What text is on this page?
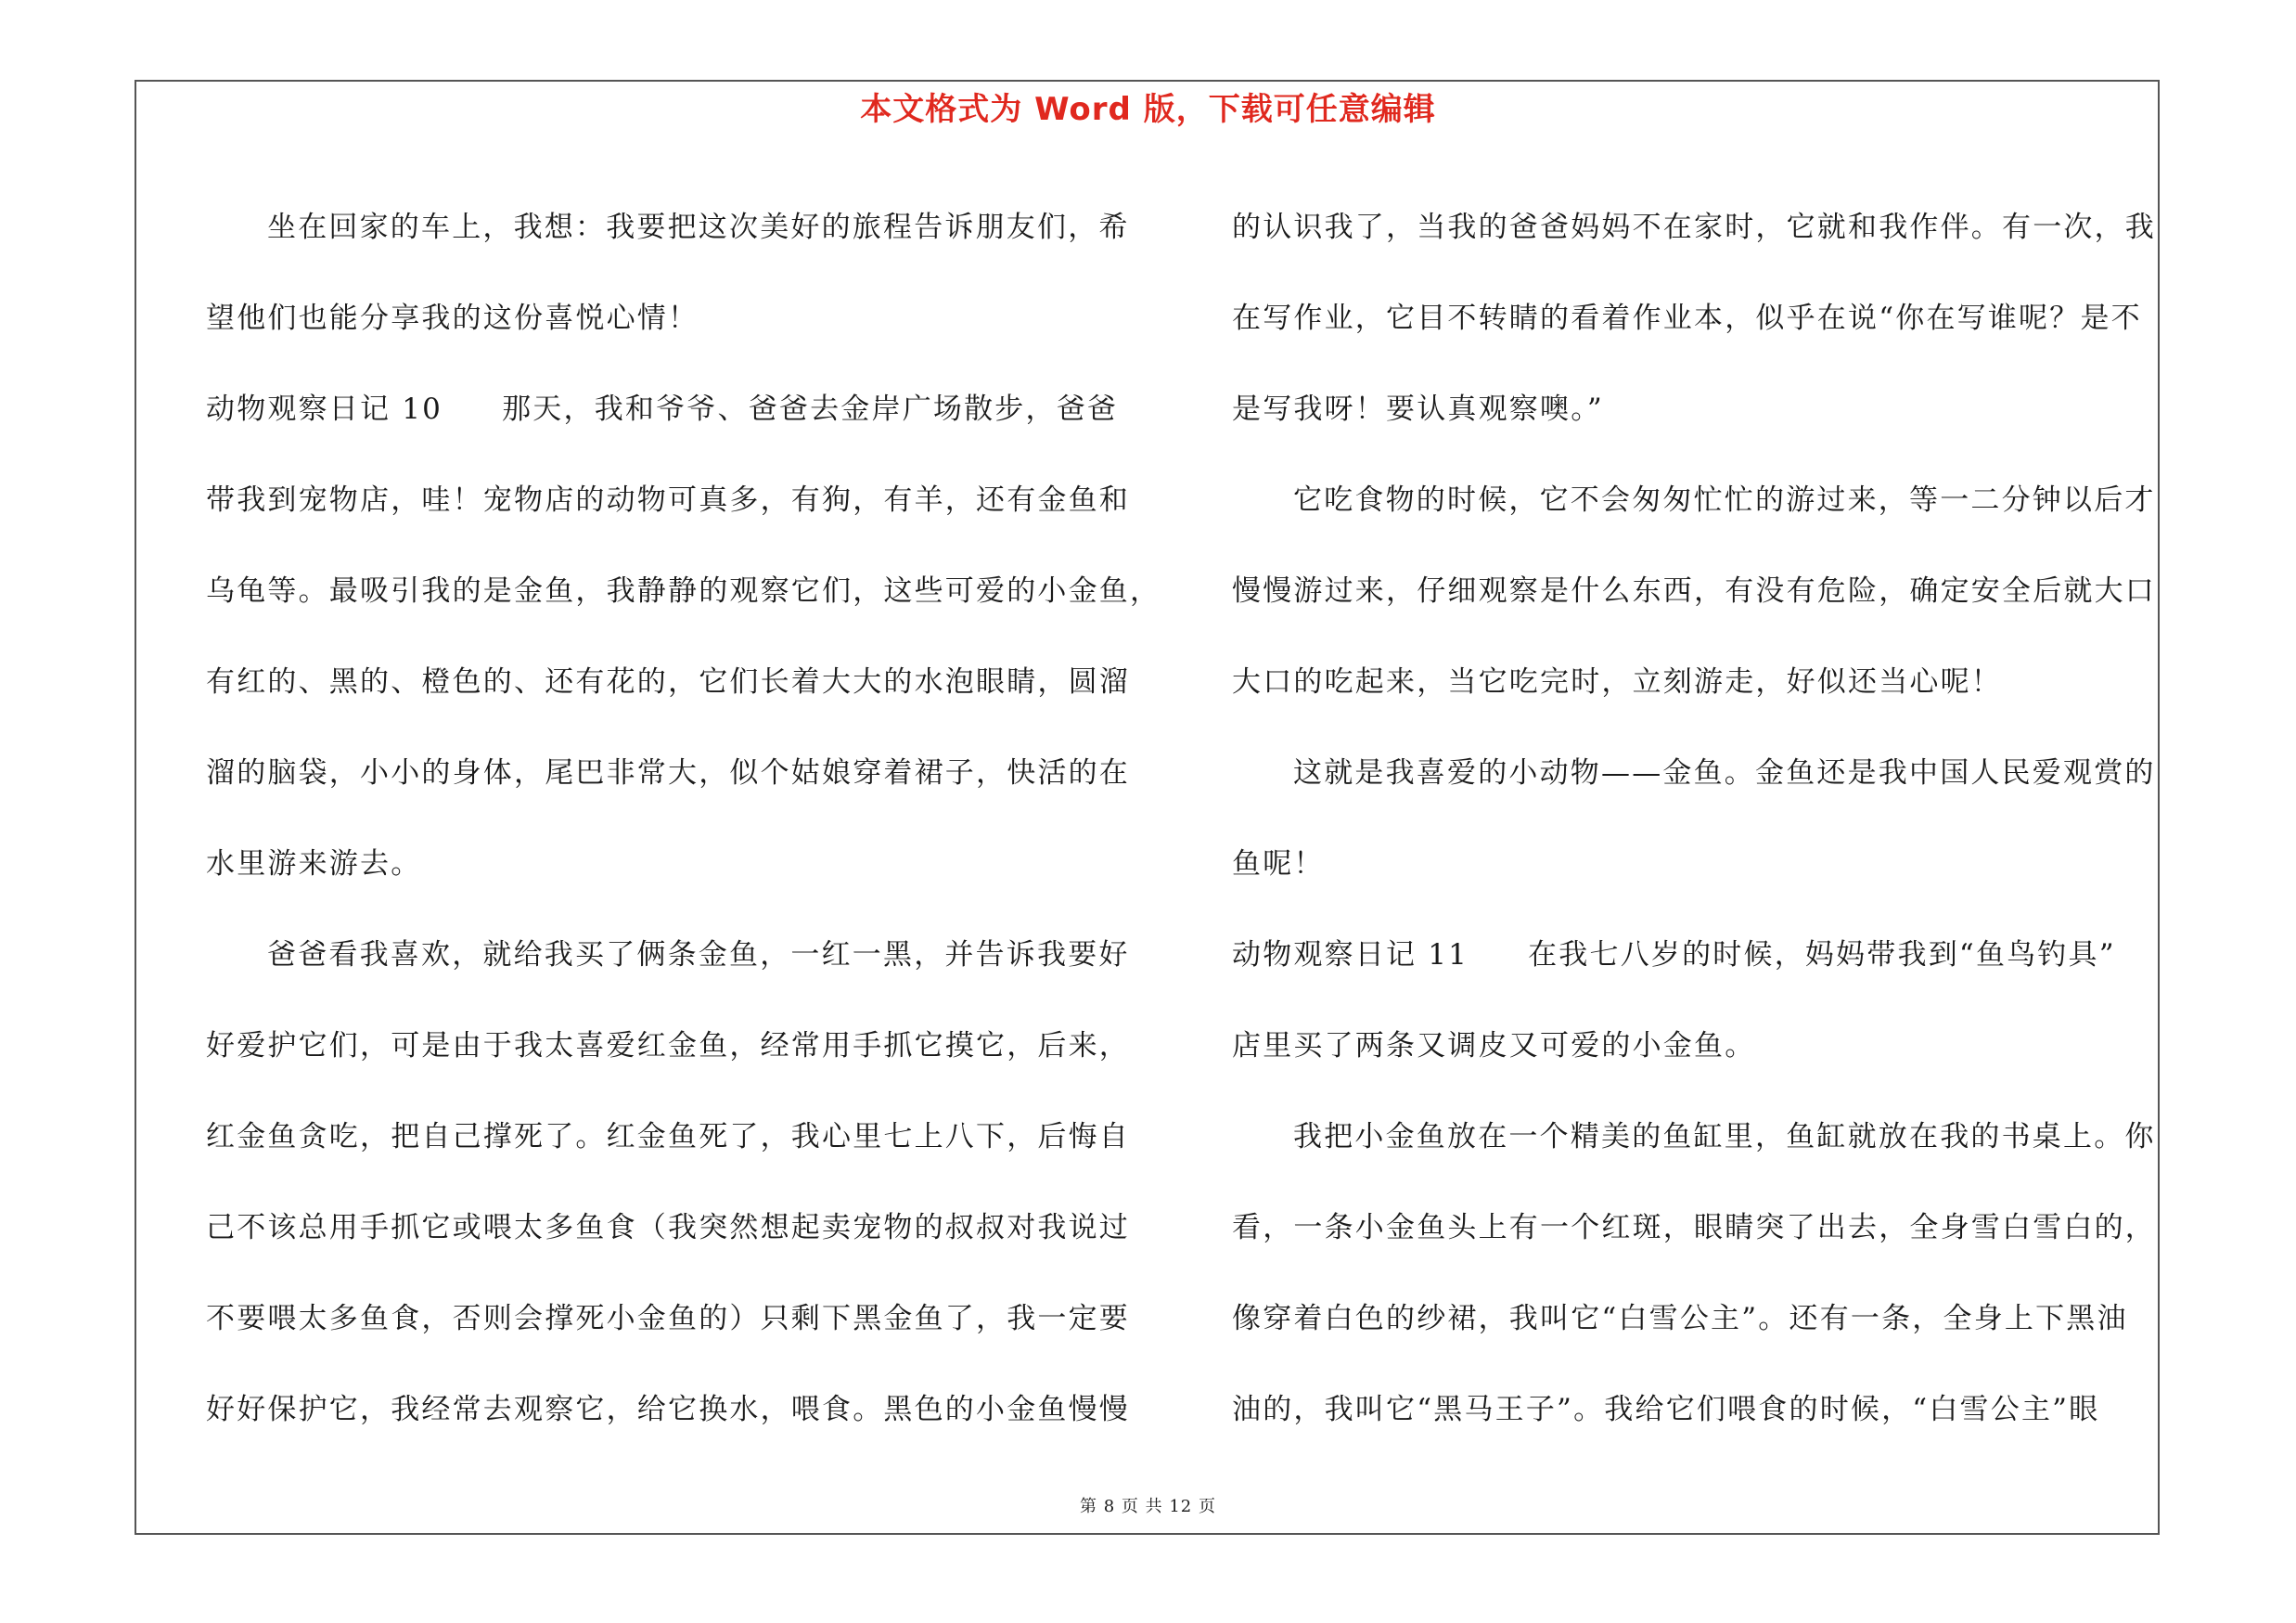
本文格式为 Word 版，下载可任意编辑
坐在回家的车上，我想：我要把这次美好的旅程告诉朋友们，希
望他们也能分享我的这份喜悦心情！
动物观察日记 10 那天，我和爷爷、爸爸去金岸广场散步，爸爸
带我到宠物店，哇！宠物店的动物可真多，有狗，有羊，还有金鱼和
乌龟等。最吸引我的是金鱼，我静静的观察它们，这些可爱的小金鱼，
有红的、黑的、橙色的、还有花的，它们长着大大的水泡眼睛，圆溜
溜的脑袋，小小的身体，尾巴非常大，似个姑娘穿着裙子，快活的在
水里游来游去。
爸爸看我喜欢，就给我买了俩条金鱼，一红一黑，并告诉我要好
好爱护它们，可是由于我太喜爱红金鱼，经常用手抓它摸它，后来，
红金鱼贪吃，把自己撑死了。红金鱼死了，我心里七上八下，后悔自
己不该总用手抓它或喂太多鱼食（我突然想起卖宠物的叔叔对我说过
不要喂太多鱼食，否则会撑死小金鱼的）只剩下黑金鱼了，我一定要
好好保护它，我经常去观察它，给它换水，喂食。黑色的小金鱼慢慢
的认识我了，当我的爸爸妈妈不在家时，它就和我作伴。有一次，我
在写作业，它目不转睛的看着作业本，似乎在说“你在写谁呢？是不
是写我呀！要认真观察噢。”
它吃食物的时候，它不会匆匆忙忙的游过来，等一二分钟以后才
慢慢游过来，仔细观察是什么东西，有没有危险，确定安全后就大口
大口的吃起来，当它吃完时，立刻游走，好似还当心呢！
这就是我喜爱的小动物——金鱼。金鱼还是我中国人民爱观赏的
鱼呢！
动物观察日记 11 在我七八岁的时候，妈妈带我到“鱼鸟钓具”
店里买了两条又调皮又可爱的小金鱼。
我把小金鱼放在一个精美的鱼缸里，鱼缸就放在我的书桌上。你
看，一条小金鱼头上有一个红斑，眼睛突了出去，全身雪白雪白的，
像穿着白色的纱裙，我叫它“白雪公主”。还有一条，全身上下黑油
油的，我叫它“黑马王子”。我给它们喂食的时候，“白雪公主”眼
第 8 页 共 12 页
